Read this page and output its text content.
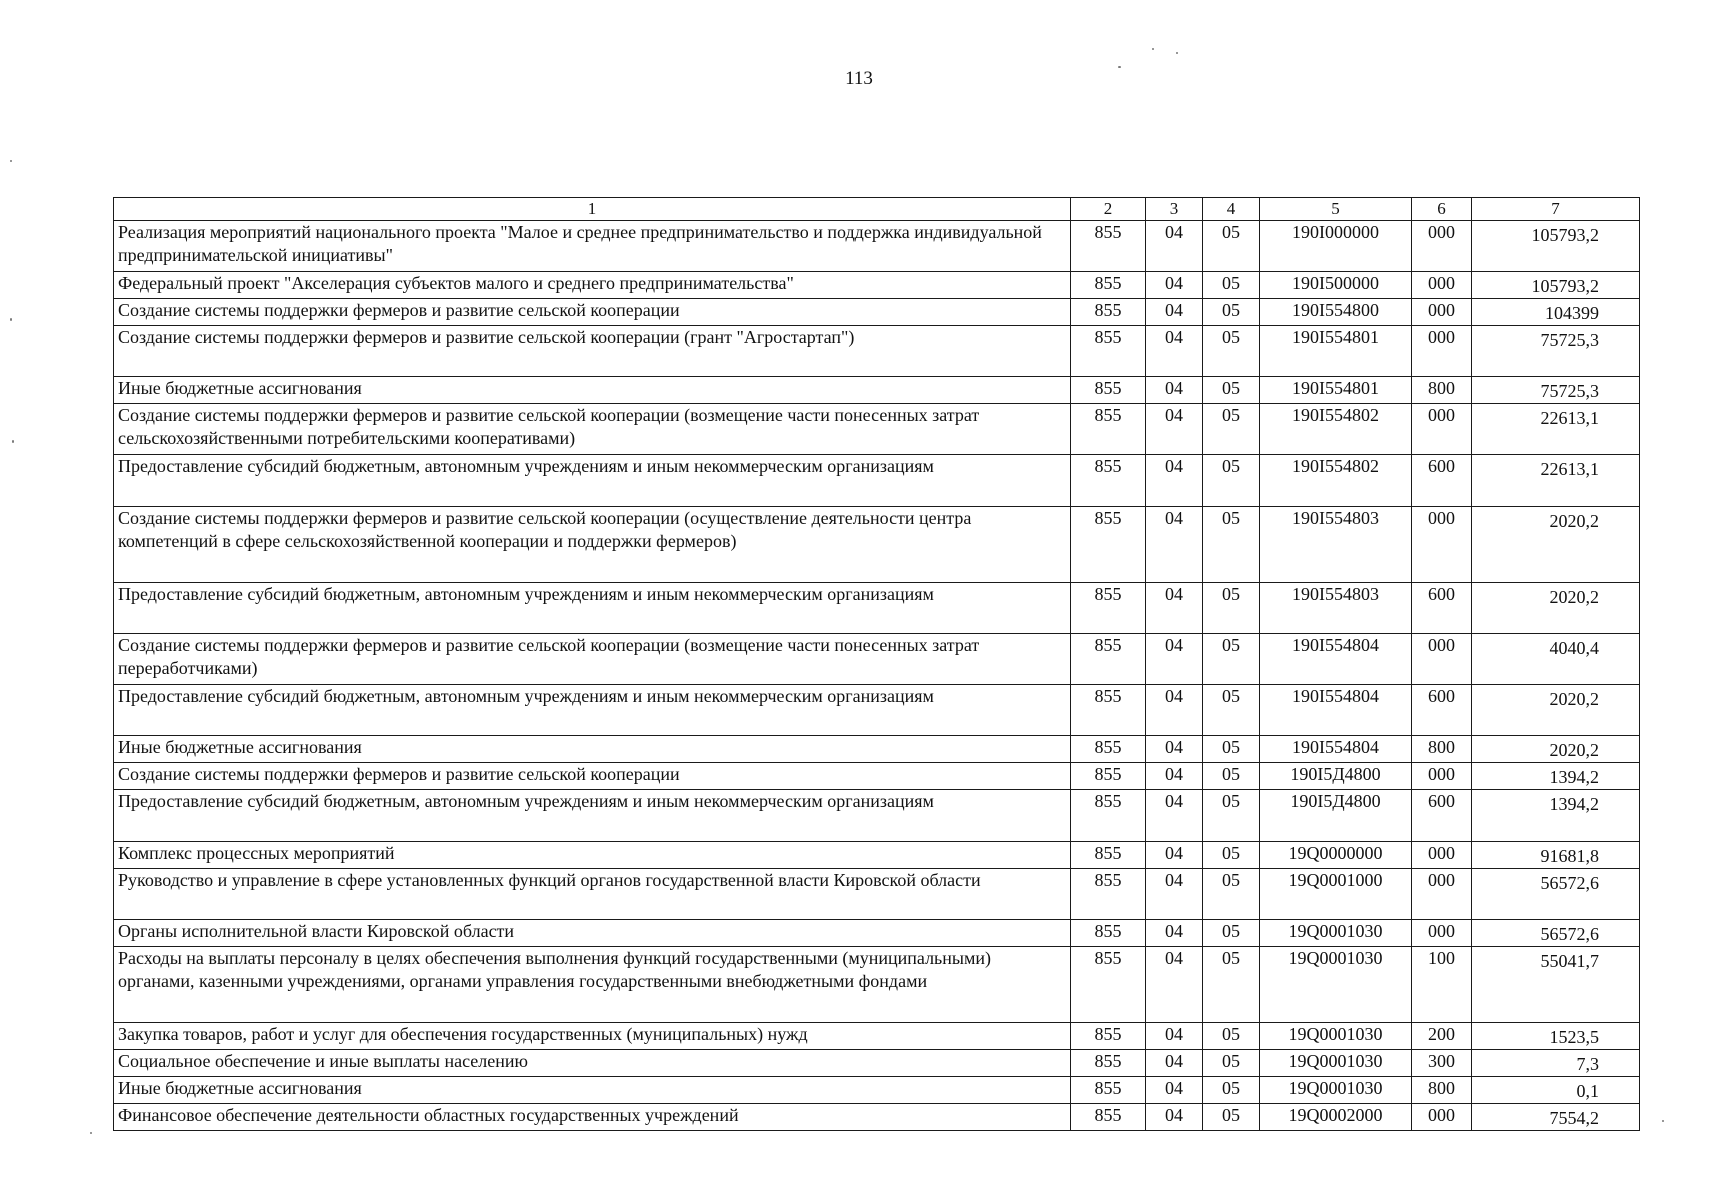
113
1	2	3	4	5	6	7
Реализация мероприятий национального проекта "Малое и среднее предпринимательство и поддержка индивидуальной предпринимательской инициативы"	855	04	05	190I000000	000	105793,2
Федеральный проект "Акселерация субъектов малого и среднего предпринимательства"	855	04	05	190I500000	000	105793,2
Создание системы поддержки фермеров и развитие сельской кооперации	855	04	05	190I554800	000	104399
Создание системы поддержки фермеров и развитие сельской кооперации (грант "Агростартап")	855	04	05	190I554801	000	75725,3
Иные бюджетные ассигнования	855	04	05	190I554801	800	75725,3
Создание системы поддержки фермеров и развитие сельской кооперации (возмещение части понесенных затрат сельскохозяйственными потребительскими кооперативами)	855	04	05	190I554802	000	22613,1
Предоставление субсидий бюджетным, автономным учреждениям и иным некоммерческим организациям	855	04	05	190I554802	600	22613,1
Создание системы поддержки фермеров и развитие сельской кооперации (осуществление деятельности центра компетенций в сфере сельскохозяйственной кооперации и поддержки фермеров)	855	04	05	190I554803	000	2020,2
Предоставление субсидий бюджетным, автономным учреждениям и иным некоммерческим организациям	855	04	05	190I554803	600	2020,2
Создание системы поддержки фермеров и развитие сельской кооперации (возмещение части понесенных затрат переработчиками)	855	04	05	190I554804	000	4040,4
Предоставление субсидий бюджетным, автономным учреждениям и иным некоммерческим организациям	855	04	05	190I554804	600	2020,2
Иные бюджетные ассигнования	855	04	05	190I554804	800	2020,2
Создание системы поддержки фермеров и развитие сельской кооперации	855	04	05	190I5Д4800	000	1394,2
Предоставление субсидий бюджетным, автономным учреждениям и иным некоммерческим организациям	855	04	05	190I5Д4800	600	1394,2
Комплекс процессных мероприятий	855	04	05	19Q0000000	000	91681,8
Руководство и управление в сфере установленных функций органов государственной власти Кировской области	855	04	05	19Q0001000	000	56572,6
Органы исполнительной власти Кировской области	855	04	05	19Q0001030	000	56572,6
Расходы на выплаты персоналу в целях обеспечения выполнения функций государственными (муниципальными) органами, казенными учреждениями, органами управления государственными внебюджетными фондами	855	04	05	19Q0001030	100	55041,7
Закупка товаров, работ и услуг для обеспечения государственных (муниципальных) нужд	855	04	05	19Q0001030	200	1523,5
Социальное обеспечение и иные выплаты населению	855	04	05	19Q0001030	300	7,3
Иные бюджетные ассигнования	855	04	05	19Q0001030	800	0,1
Финансовое обеспечение деятельности областных государственных учреждений	855	04	05	19Q0002000	000	7554,2
